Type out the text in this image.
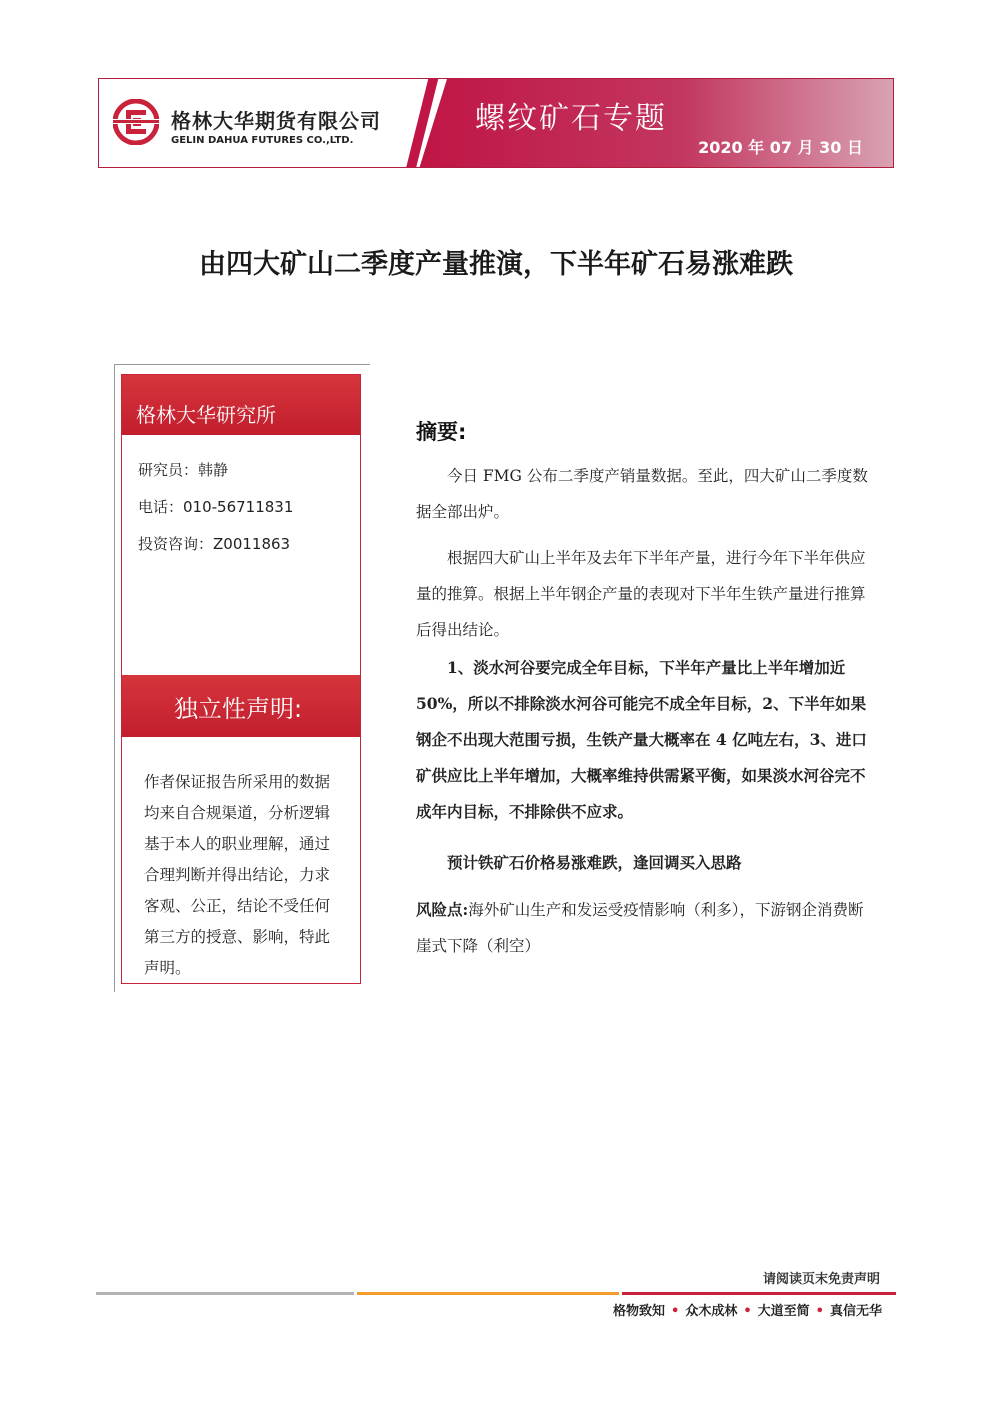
格林大华期货有限公司
GELIN DAHUA FUTURES CO.,LTD.
螺纹矿石专题
2020 年 07 月 30 日
由四大矿山二季度产量推演，下半年矿石易涨难跌
格林大华研究所
研究员：韩静
电话：010-56711831
投资咨询：Z0011863
独立性声明:
作者保证报告所采用的数据均来自合规渠道，分析逻辑基于本人的职业理解，通过合理判断并得出结论，力求客观、公正，结论不受任何第三方的授意、影响，特此声明。
摘要:

今日 FMG 公布二季度产销量数据。至此，四大矿山二季度数据全部出炉。

根据四大矿山上半年及去年下半年产量，进行今年下半年供应量的推算。根据上半年钢企产量的表现对下半年生铁产量进行推算后得出结论。

1、淡水河谷要完成全年目标，下半年产量比上半年增加近 50%，所以不排除淡水河谷可能完不成全年目标，2、下半年如果钢企不出现大范围亏损，生铁产量大概率在 4 亿吨左右，3、进口矿供应比上半年增加，大概率维持供需紧平衡，如果淡水河谷完不成年内目标，不排除供不应求。

预计铁矿石价格易涨难跌，逢回调买入思路

风险点:海外矿山生产和发运受疫情影响（利多），下游钢企消费断崖式下降（利空）

请阅读页末免责声明
格物致知 • 众木成林 • 大道至简 • 真信无华
